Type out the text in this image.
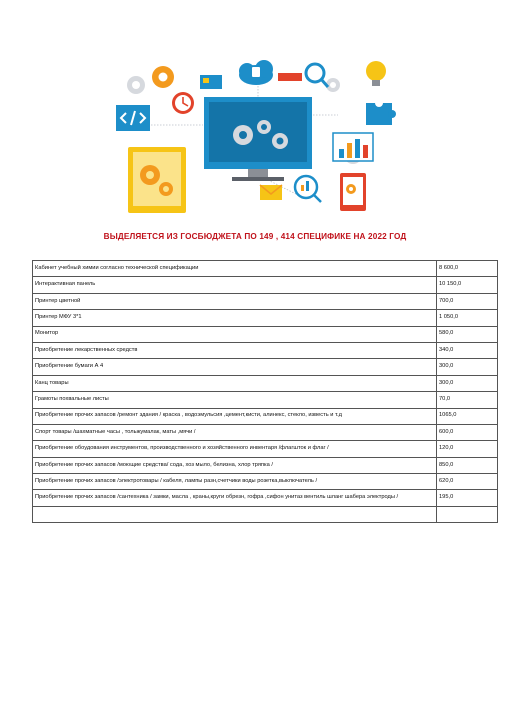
ВЫДЕЛЯЕТСЯ ИЗ ГОСБЮДЖЕТА ПО 149 , 414 СПЕЦИФИКЕ НА 2022 ГОД
Кабинет учебный химии согласно технической спецификации	8 600,0
Интерактивная панель	10 150,0
Принтер цветной	700,0
Принтер МФУ 3*1	1 050,0
Монитор	580,0
Приобретение лекарственных средств	340,0
Приобретение бумаги А 4	300,0
Канц товары	300,0
Грамоты похвальные листы	70,0
Приобретение прочих запасов /ремонт здания / краска , водоэмульсия ,цемент,кисти, алинекс, стекло, известь и т.д	1065,0
Спорт товары /шахматные часы , тольжумалак, маты ,мячи /	600,0
Приобретение обоудования инструментов, производственного и хозяйственного инвентаря /флагшток и флаг /	120,0
Приобретение прочих запасов /моющие средства/ сода, хоз мыло, белизна, хлор тряпка /	850,0
Приобретение прочих запасов /электротовары / кабеля, лампы разн,счетчики воды розетка,выключатель /	620,0
Приобретение прочих запасов /сантехника / замки, масла , краны,круги обрезн, гофра ,сифон унитаз вентиль шланг шабера электроды /	195,0
